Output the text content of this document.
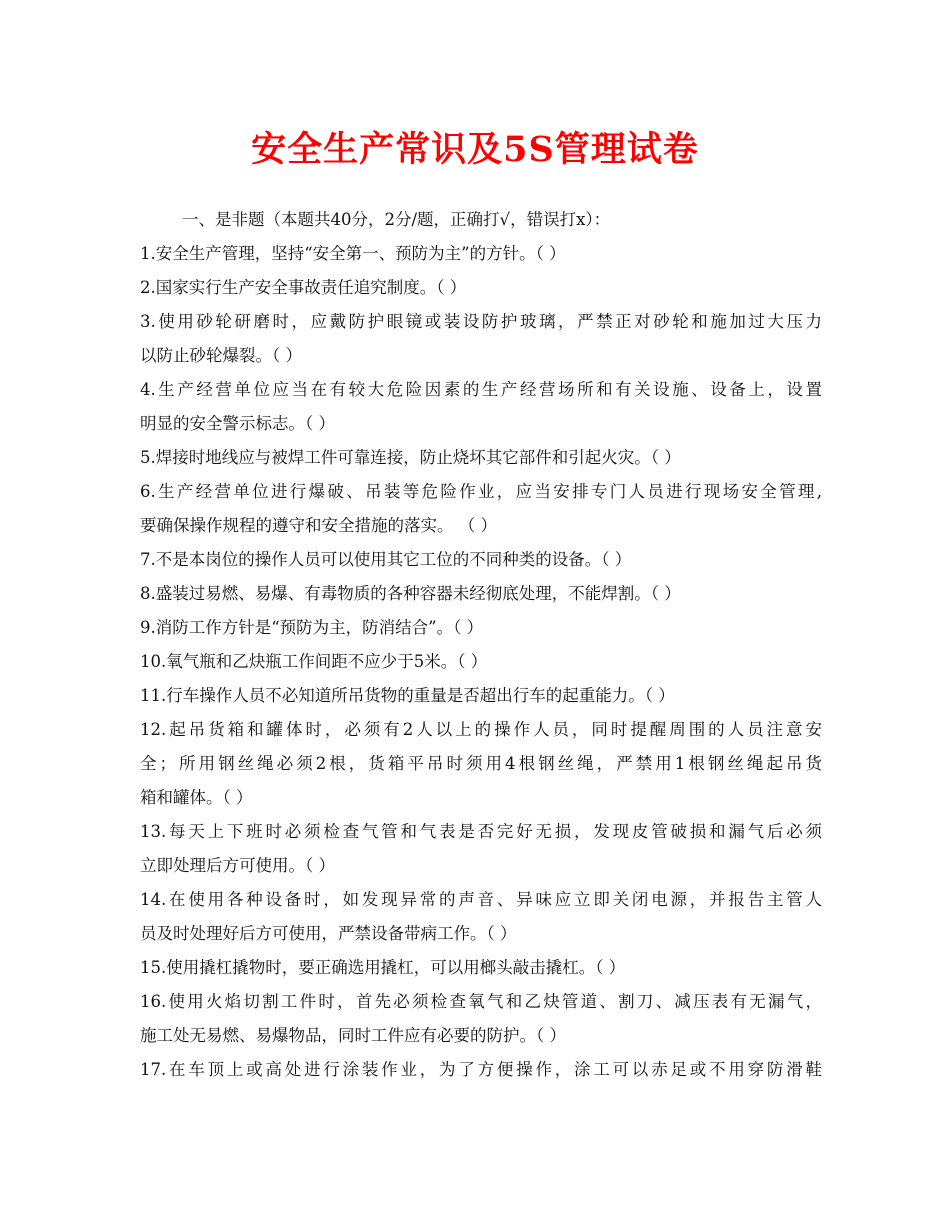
安全生产常识及5S管理试卷
一、是非题（本题共40分，2分/题，正确打√，错误打x）：
1.安全生产管理，坚持“安全第一、预防为主”的方针。（ ）
2.国家实行生产安全事故责任追究制度。（ ）
3.使用砂轮研磨时，应戴防护眼镜或装设防护玻璃，严禁正对砂轮和施加过大压力
以防止砂轮爆裂。（ ）
4.生产经营单位应当在有较大危险因素的生产经营场所和有关设施、设备上，设置
明显的安全警示标志。（ ）
5.焊接时地线应与被焊工件可靠连接，防止烧坏其它部件和引起火灾。（ ）
6.生产经营单位进行爆破、吊装等危险作业，应当安排专门人员进行现场安全管理,
要确保操作规程的遵守和安全措施的落实。 （ ）
7.不是本岗位的操作人员可以使用其它工位的不同种类的设备。（ ）
8.盛装过易燃、易爆、有毒物质的各种容器未经彻底处理，不能焊割。（ ）
9.消防工作方针是“预防为主，防消结合”。（ ）
10.氧气瓶和乙炔瓶工作间距不应少于5米。（ ）
11.行车操作人员不必知道所吊货物的重量是否超出行车的起重能力。（ ）
12.起吊货箱和罐体时，必须有2人以上的操作人员，同时提醒周围的人员注意安
全；所用钢丝绳必须2根，货箱平吊时须用4根钢丝绳，严禁用1根钢丝绳起吊货
箱和罐体。（ ）
13.每天上下班时必须检查气管和气表是否完好无损，发现皮管破损和漏气后必须
立即处理后方可使用。（ ）
14.在使用各种设备时，如发现异常的声音、异味应立即关闭电源，并报告主管人
员及时处理好后方可使用，严禁设备带病工作。（ ）
15.使用撬杠撬物时，要正确选用撬杠，可以用榔头敲击撬杠。（ ）
16.使用火焰切割工件时，首先必须检查氧气和乙炔管道、割刀、减压表有无漏气，
施工处无易燃、易爆物品，同时工件应有必要的防护。（ ）
17.在车顶上或高处进行涂装作业，为了方便操作，涂工可以赤足或不用穿防滑鞋
